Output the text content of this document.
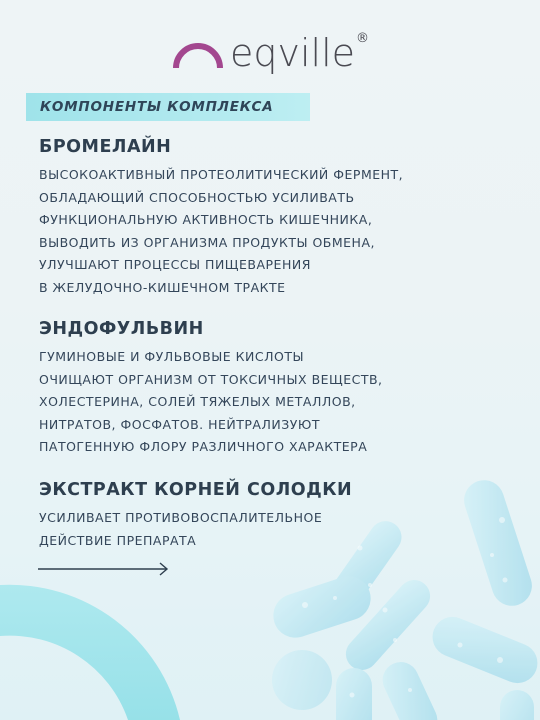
eqville ®
КОМПОНЕНТЫ КОМПЛЕКСА
БРОМЕЛАЙН

ВЫСОКОАКТИВНЫЙ ПРОТЕОЛИТИЧЕСКИЙ ФЕРМЕНТ,

ОБЛАДАЮЩИЙ СПОСОБНОСТЬЮ УСИЛИВАТЬ

ФУНКЦИОНАЛЬНУЮ АКТИВНОСТЬ КИШЕЧНИКА,

ВЫВОДИТЬ ИЗ ОРГАНИЗМА ПРОДУКТЫ ОБМЕНА,

УЛУЧШАЮТ ПРОЦЕССЫ ПИЩЕВАРЕНИЯ

В ЖЕЛУДОЧНО-КИШЕЧНОМ ТРАКТЕ

ЭНДОФУЛЬВИН

ГУМИНОВЫЕ И ФУЛЬВОВЫЕ КИСЛОТЫ

ОЧИЩАЮТ ОРГАНИЗМ ОТ ТОКСИЧНЫХ ВЕЩЕСТВ,

ХОЛЕСТЕРИНА, СОЛЕЙ ТЯЖЕЛЫХ МЕТАЛЛОВ,

НИТРАТОВ, ФОСФАТОВ. НЕЙТРАЛИЗУЮТ

ПАТОГЕННУЮ ФЛОРУ РАЗЛИЧНОГО ХАРАКТЕРА

ЭКСТРАКТ КОРНЕЙ СОЛОДКИ

УСИЛИВАЕТ ПРОТИВОВОСПАЛИТЕЛЬНОЕ

ДЕЙСТВИЕ ПРЕПАРАТА
